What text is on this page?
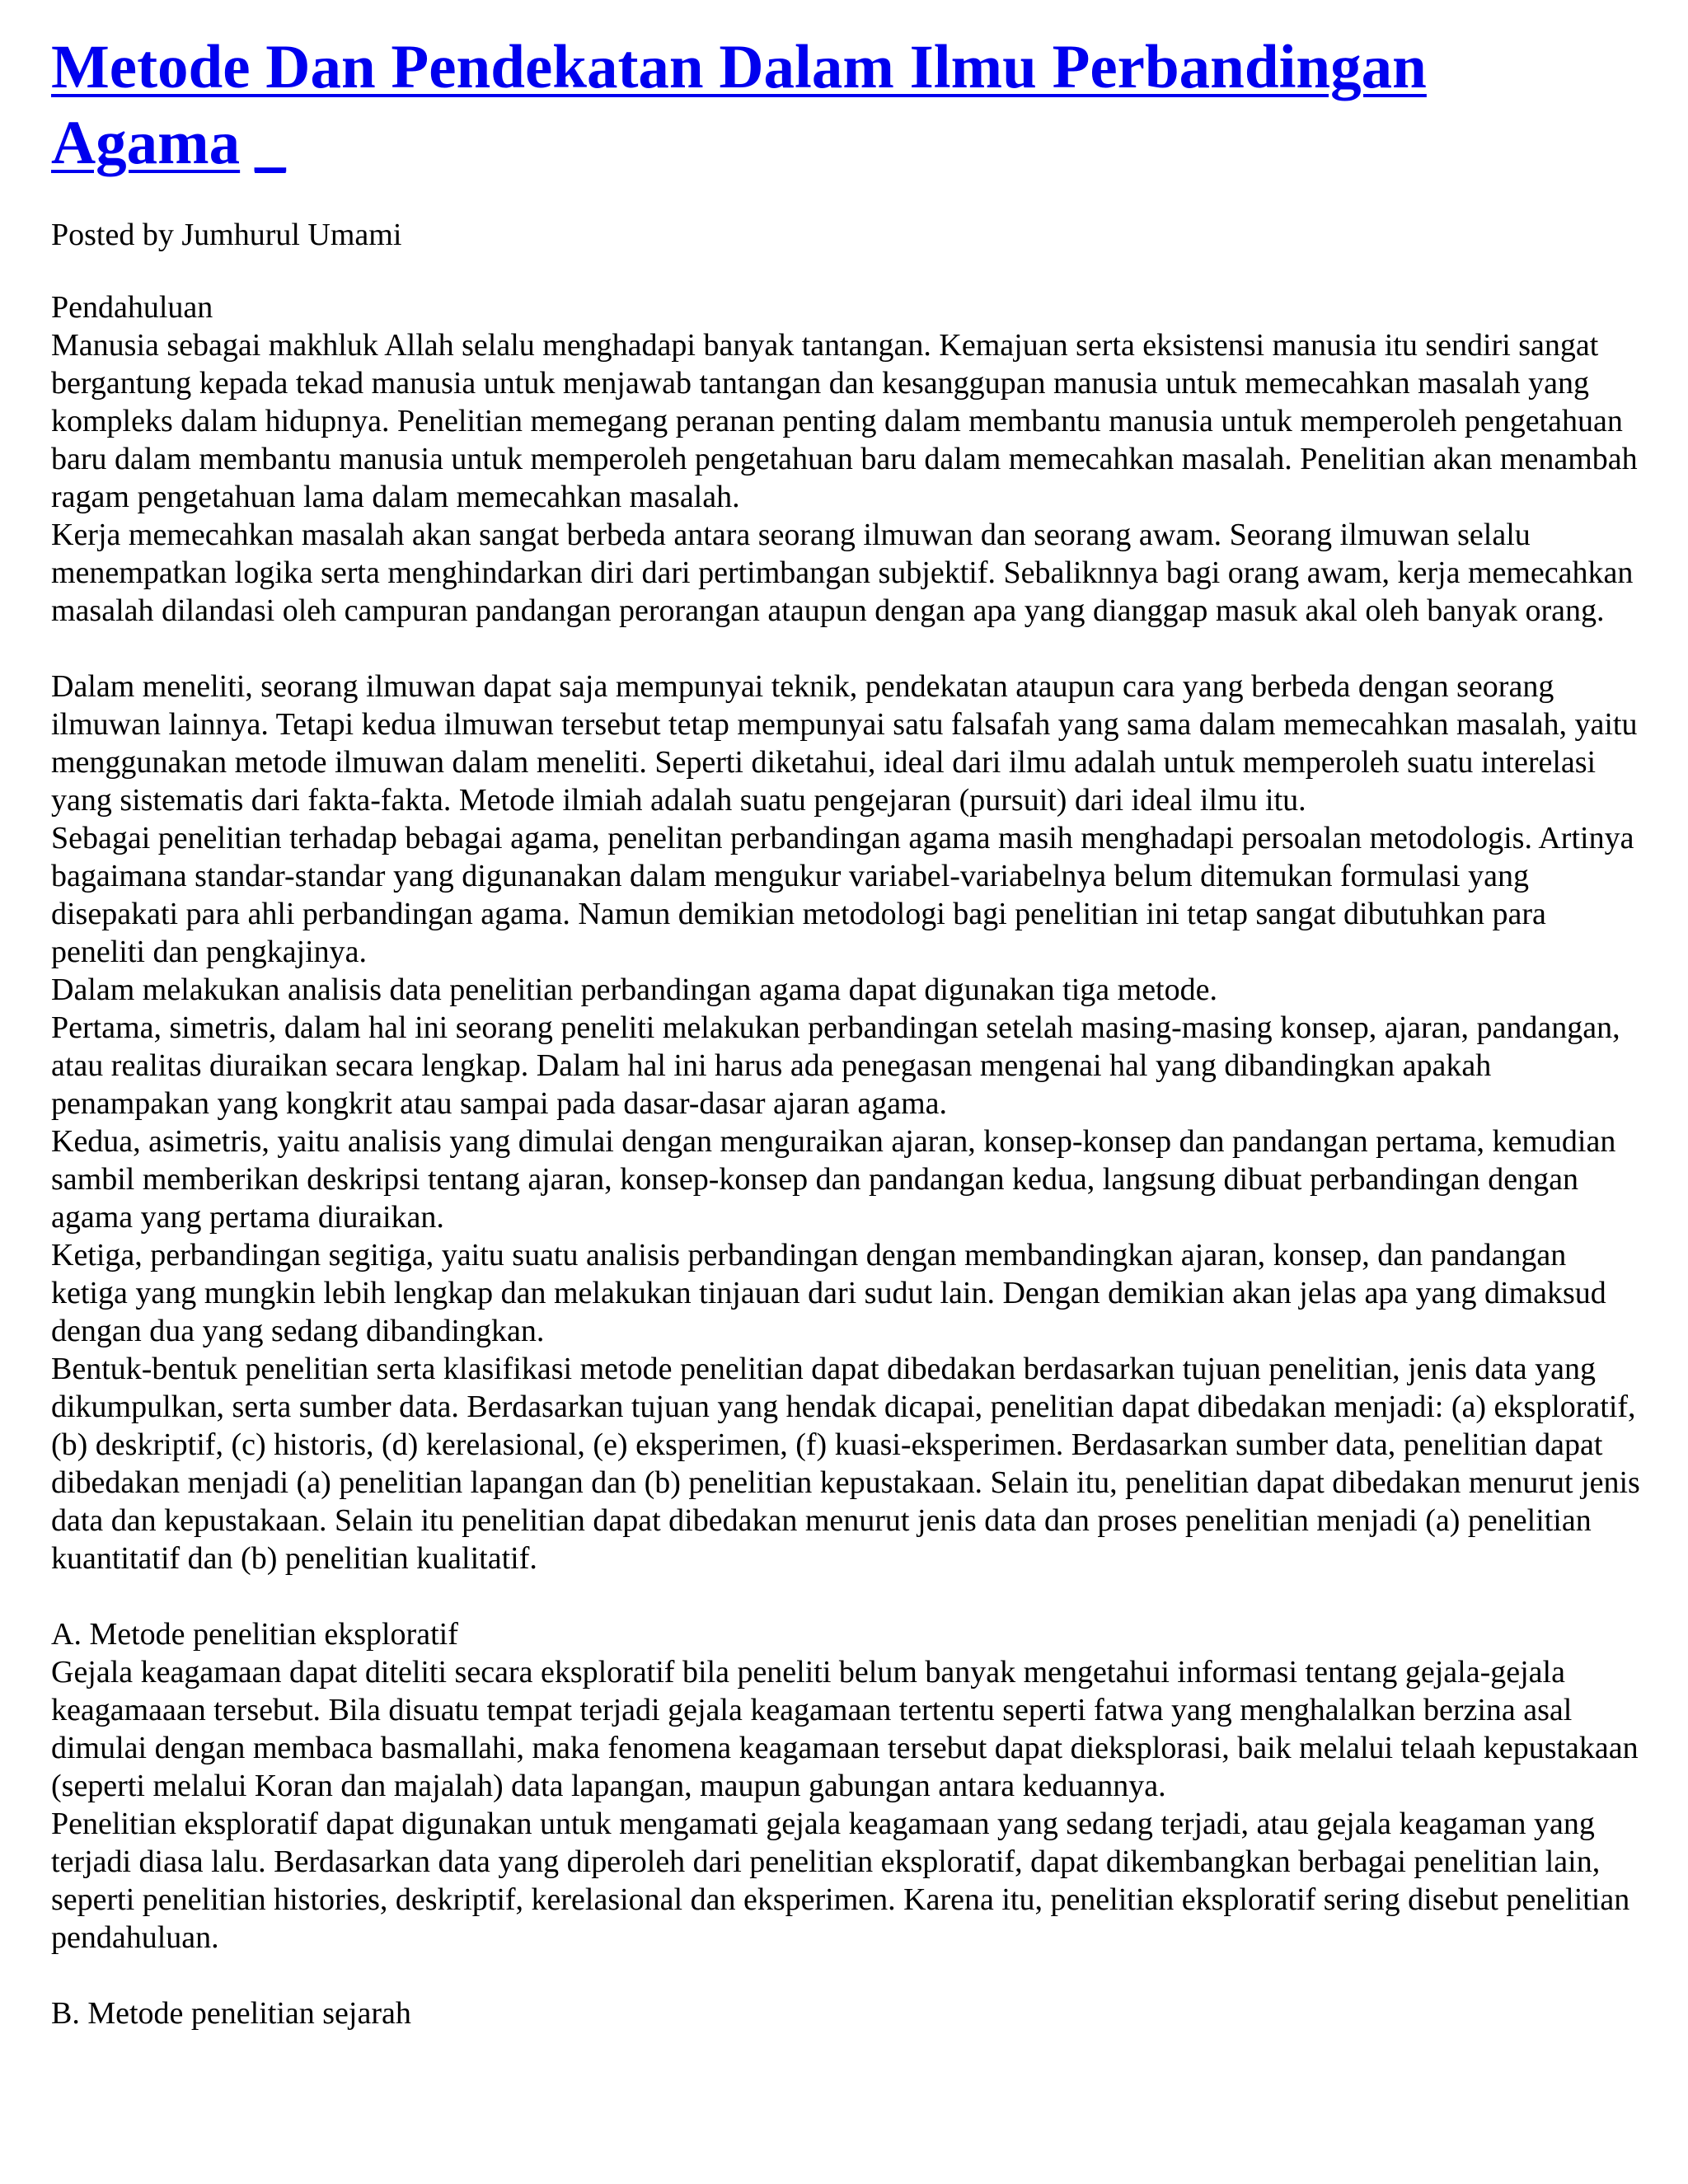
Metode Dan Pendekatan Dalam Ilmu Perbandingan Agama _

Posted by Jumhurul Umami

Pendahuluan

Manusia sebagai makhluk Allah selalu menghadapi banyak tantangan. Kemajuan serta eksistensi manusia itu sendiri sangat bergantung kepada tekad manusia untuk menjawab tantangan dan kesanggupan manusia untuk memecahkan masalah yang kompleks dalam hidupnya. Penelitian memegang peranan penting dalam membantu manusia untuk memperoleh pengetahuan baru dalam membantu manusia untuk memperoleh pengetahuan baru dalam memecahkan masalah. Penelitian akan menambah ragam pengetahuan lama dalam memecahkan masalah.

Kerja memecahkan masalah akan sangat berbeda antara seorang ilmuwan dan seorang awam. Seorang ilmuwan selalu menempatkan logika serta menghindarkan diri dari pertimbangan subjektif. Sebaliknnya bagi orang awam, kerja memecahkan masalah dilandasi oleh campuran pandangan perorangan ataupun dengan apa yang dianggap masuk akal oleh banyak orang.

Dalam meneliti, seorang ilmuwan dapat saja mempunyai teknik, pendekatan ataupun cara yang berbeda dengan seorang ilmuwan lainnya. Tetapi kedua ilmuwan tersebut tetap mempunyai satu falsafah yang sama dalam memecahkan masalah, yaitu menggunakan metode ilmuwan dalam meneliti. Seperti diketahui, ideal dari ilmu adalah untuk memperoleh suatu interelasi yang sistematis dari fakta-fakta. Metode ilmiah adalah suatu pengejaran (pursuit) dari ideal ilmu itu.

Sebagai penelitian terhadap bebagai agama, penelitan perbandingan agama masih menghadapi persoalan metodologis. Artinya bagaimana standar-standar yang digunanakan dalam mengukur variabel-variabelnya belum ditemukan formulasi yang disepakati para ahli perbandingan agama. Namun demikian metodologi bagi penelitian ini tetap sangat dibutuhkan para peneliti dan pengkajinya.

Dalam melakukan analisis data penelitian perbandingan agama dapat digunakan tiga metode.

Pertama, simetris, dalam hal ini seorang peneliti melakukan perbandingan setelah masing-masing konsep, ajaran, pandangan, atau realitas diuraikan secara lengkap. Dalam hal ini harus ada penegasan mengenai hal yang dibandingkan apakah penampakan yang kongkrit atau sampai pada dasar-dasar ajaran agama.

Kedua, asimetris, yaitu analisis yang dimulai dengan menguraikan ajaran, konsep-konsep dan pandangan pertama, kemudian sambil memberikan deskripsi tentang ajaran, konsep-konsep dan pandangan kedua, langsung dibuat perbandingan dengan agama yang pertama diuraikan.

Ketiga, perbandingan segitiga, yaitu suatu analisis perbandingan dengan membandingkan ajaran, konsep, dan pandangan ketiga yang mungkin lebih lengkap dan melakukan tinjauan dari sudut lain. Dengan demikian akan jelas apa yang dimaksud dengan dua yang sedang dibandingkan.

Bentuk-bentuk penelitian serta klasifikasi metode penelitian dapat dibedakan berdasarkan tujuan penelitian, jenis data yang dikumpulkan, serta sumber data. Berdasarkan tujuan yang hendak dicapai, penelitian dapat dibedakan menjadi: (a) eksploratif, (b) deskriptif, (c) historis, (d) kerelasional, (e) eksperimen, (f) kuasi-eksperimen. Berdasarkan sumber data, penelitian dapat dibedakan menjadi (a) penelitian lapangan dan (b) penelitian kepustakaan. Selain itu, penelitian dapat dibedakan menurut jenis data dan kepustakaan. Selain itu penelitian dapat dibedakan menurut jenis data dan proses penelitian menjadi (a) penelitian kuantitatif dan (b) penelitian kualitatif.

A. Metode penelitian eksploratif

Gejala keagamaan dapat diteliti secara eksploratif bila peneliti belum banyak mengetahui informasi tentang gejala-gejala keagamaaan tersebut. Bila disuatu tempat terjadi gejala keagamaan tertentu seperti fatwa yang menghalalkan berzina asal dimulai dengan membaca basmallahi, maka fenomena keagamaan tersebut dapat dieksplorasi, baik melalui telaah kepustakaan (seperti melalui Koran dan majalah) data lapangan, maupun gabungan antara keduannya.

Penelitian eksploratif dapat digunakan untuk mengamati gejala keagamaan yang sedang terjadi, atau gejala keagaman yang terjadi diasa lalu. Berdasarkan data yang diperoleh dari penelitian eksploratif, dapat dikembangkan berbagai penelitian lain, seperti penelitian histories, deskriptif, kerelasional dan eksperimen. Karena itu, penelitian eksploratif sering disebut penelitian pendahuluan.

B. Metode penelitian sejarah
